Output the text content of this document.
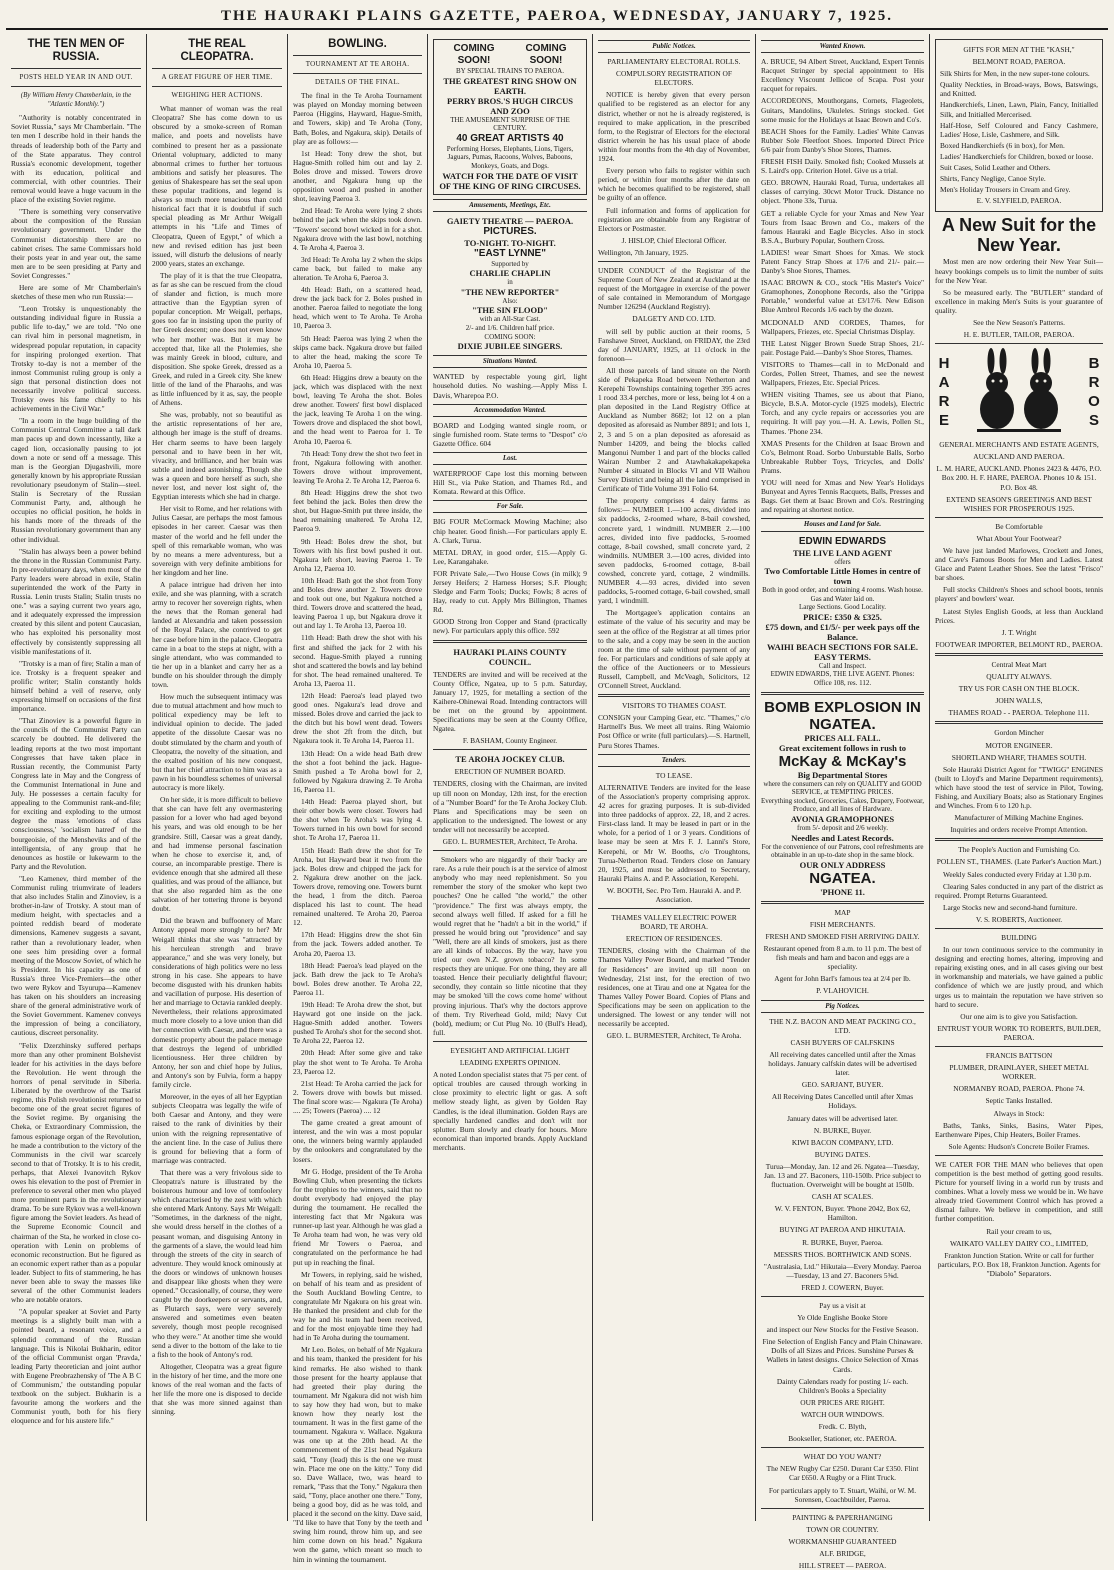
THE HAURAKI PLAINS GAZETTE, PAEROA, WEDNESDAY, JANUARY 7, 1925.
THE TEN MEN OF RUSSIA.
POSTS HELD YEAR IN AND OUT.
(By William Henry Chamberlain, in the "Atlantic Monthly.")

"Authority is notably concentrated in Soviet Russia," says Mr Chamberlain. "The ten men I describe hold in their hands the threads of leadership both of the Party and of the State apparatus. They control Russia's economic development, together with its education, political and commercial, with other countries. Their removal would leave a huge vacuum in the place of the existing Soviet regime.

"There is something very conservative about the composition of the Russian revolutionary government. Under the Communist dictatorship there are no cabinet crises. The same Commissars hold their posts year in and year out, the same men are to be seen presiding at Party and Soviet Congresses."

Here are some of Mr Chamberlain's sketches of these men who run Russia:—

"Leon Trotsky is unquestionably the outstanding individual figure in Russia a public life to-day," we are told. "No one can rival him in personal magnetism, in widespread popular reputation, in capacity for inspiring prolonged exertion. That Trotsky to-day is not a member of the inmost Communist ruling group is only a sign that personal distinction does not necessarily involve political success. Trotsky owes his fame chiefly to his achievements in the Civil War."

"In a room in the huge building of the Communist Central Committee a tall dark man paces up and down incessantly, like a caged lion, occasionally pausing to jot down a note or send off a message. This man is the Georgian Djugashvili, more generally known by his appropriate Russian revolutionary pseudonym of Stalin—steel. Stalin is Secretary of the Russian Communist Party, and, although he occupies no official position, he holds in his hands more of the threads of the Russian revolutionary government than any other individual.

"Stalin has always been a power behind the throne in the Russian Communist Party. In pre-revolutionary days, when most of the Party leaders were abroad in exile, Stalin superintended the work of the Party in Russia. Lenin trusts Stalin; Stalin trusts no one." was a saying current two years ago, and it adequately expressed the impression created by this silent and potent Caucasian, who has exploited his personality most effectively by consistently suppressing all visible manifestations of it.

"Trotsky is a man of fire; Stalin a man of ice. Trotsky is a frequent speaker and prolific writer; Stalin constantly holds himself behind a veil of reserve, only expressing himself on occasions of the first importance.

"That Zinoviev is a powerful figure in the councils of the Communist Party can scarcely be doubted. He delivered the leading reports at the two most important Congresses that have taken place in Russian recently, the Communist Party Congress late in May and the Congress of the Communist International in June and July. He possesses a certain faculty for appealing to the Communist rank-and-file; for exciting and exploding to the utmost degree the mass 'emotions of class consciousness,' 'socialism hatred' of the bourgeoisie, of the Mensheviks and of the intelligentsia, of any group that he denounces as hostile or lukewarm to the Party and the Revolution.

"Leo Kamenev, third member of the Communist ruling triumvirate of leaders that also includes Stalin and Zinoviev, is a brother-in-law of Trotsky. A stout man of medium height, with spectacles and a pointed reddish beard of moderate dimensions, Kamenev suggests a savant, rather than a revolutionary leader, when one sees him presiding over a formal meeting of the Moscow Soviet, of which he is President. In his capacity as one of Russia's three Vice-Premiers—the other two were Rykov and Tsyurupa—Kamenev has taken on his shoulders an increasing share of the general administrative work of the Soviet Government. Kamenev conveys the impression of being a conciliatory, cautious, discreet personality.

"Felix Dzerzhinsky suffered perhaps more than any other prominent Bolshevist leader for his activities in the days before the Revolution. He went through the horrors of penal servitude in Siberia. Liberated by the overthrow of the Tsarist regime, this Polish revolutionist returned to become one of the great secret figures of the Soviet regime. By organising the Cheka, or Extraordinary Commission, the famous espionage organ of the Revolution, he made a contribution to the victory of the Communists in the civil war scarcely second to that of Trotsky. It is to his credit, perhaps, that Alexei Ivanovitch Rykov owes his elevation to the post of Premier in preference to several other men who played more prominent parts in the revolutionary drama. To be sure Rykov was a well-known figure among the Soviet leaders. As head of the Supreme Economic Council and chairman of the Sta, he worked in close co-operation with Lenin on problems of economic reconstruction. But he figured as an economic expert rather than as a popular leader. Subject to fits of stammering, he has never been able to sway the masses like several of the other Communist leaders who are notable orators.

"A popular speaker at Soviet and Party meetings is a slightly built man with a pointed beard, a resonant voice, and a splendid command of the Russian language. This is Nikolai Bukharin, editor of the official Communist organ 'Pravda,' leading Party theoretician and joint author with Eugene Preobrazhensky of 'The A B C of Communism,' the outstanding popular textbook on the subject. Bukharin is a favourite among the workers and the Communist youth, both for his fiery eloquence and for his austere life."

THE REAL CLEOPATRA.
A GREAT FIGURE OF HER TIME.
WEIGHING HER ACTIONS.

What manner of woman was the real Cleopatra? She has come down to us obscured by a smoke-screen of Roman malice, and poets and novelists have combined to present her as a passionate Oriental voluptuary, addicted to many abnormal crimes to further her tortuous ambitions and satisfy her pleasures. The genius of Shakespeare has set the seal upon these popular traditions, and legend is always so much more tenacious than cold historical fact that it is doubtful if such special pleading as Mr Arthur Weigall attempts in his "Life and Times of Cleopatra, Queen of Egypt," of which a new and revised edition has just been issued, will disturb the delusions of nearly 2000 years, states an exchange.

The play of it is that the true Cleopatra, as far as she can be rescued from the cloud of slander and fiction, is much more attractive than the Egyptian syren of popular conception. Mr Weigall, perhaps, goes too far in insisting upon the purity of her Greek descent; one does not even know who her mother was. But it may be accepted that, like all the Ptolemies, she was mainly Greek in blood, culture, and disposition. She spoke Greek, dressed as a Greek, and ruled in a Greek city. She knew little of the land of the Pharaohs, and was as little influenced by it as, say, the people of Athens.

She was, probably, not so beautiful as the artistic representations of her are, although her image is the stuff of dreams. Her charm seems to have been largely personal and to have been in her wit, vivacity, and brilliance, and her brain was subtle and indeed astonishing. Though she was a queen and bore herself as such, she never lost, and never lost sight of, the Egyptian interests which she had in charge.

Her visit to Rome, and her relations with Julius Caesar, are perhaps the most famous episodes in her career. Caesar was then master of the world and he fell under the spell of this remarkable woman, who was by no means a mere adventuress, but a sovereign with very definite ambitions for her kingdom and her line.

A palace intrigue had driven her into exile, and she was planning, with a scratch army to recover her sovereign rights, when the news that the Roman general had landed at Alexandria and taken possession of the Royal Palace, she contrived to get her case before him in the palace. Cleopatra came in a boat to the steps at night, with a single attendant, who was commanded to tie her up in a blanket and carry her as a bundle on his shoulder through the dimply town.

How much the subsequent intimacy was due to mutual attachment and how much to political expediency may be left to individual opinion to decide. The jaded appetite of the dissolute Caesar was no doubt stimulated by the charm and youth of Cleopatra, the novelty of the situation, and the exalted position of his new conquest, but that her chief attraction to him was as a pawn in his boundless schemes of universal autocracy is more likely.

On her side, it is more difficult to believe that she can have felt any overmastering passion for a lover who had aged beyond his years, and was old enough to be her grandsire. Still, Caesar was a great dandy, and had immense personal fascination when he chose to exercise it, and, of course, an incomparable prestige. There is evidence enough that she admired all these qualities, and was proud of the alliance, but that she also regarded him as the one salvation of her tottering throne is beyond doubt.

Did the brawn and buffoonery of Marc Antony appeal more strongly to her? Mr Weigall thinks that she was "attracted by his herculean strength and brave appearance," and she was very lonely, but considerations of high politics were no less strong in his case. She appears to have become disgusted with his drunken habits and vacillation of purpose. His desertion of her and marriage to Octavia rankled deeply. Nevertheless, their relations approximated much more closely to a love union than did her connection with Caesar, and there was a domestic property about the palace menage that destroys the legend of unbridled licentiousness. Her three children by Antony, her son and chief hope by Julius, and Antony's son by Fulvia, form a happy family circle.

Moreover, in the eyes of all her Egyptian subjects Cleopatra was legally the wife of both Caesar and Antony, and they were raised to the rank of divinities by their union with the reigning representative of the ancient line. In the case of Julius there is ground for believing that a form of marriage was contracted.

That there was a very frivolous side to Cleopatra's nature is illustrated by the boisterous humour and love of tomfoolery which characterised by the zest with which she entered Mark Antony. Says Mr Weigall: "Sometimes, in the darkness of the night, she would dress herself in the clothes of a peasant woman, and disguising Antony in the garments of a slave, the would lead him through the streets of the city in search of adventure. They would knock ominously at the doors or windows of unknown houses and disappear like ghosts when they were opened." Occasionally, of course, they were caught by the doorkeepers or servants, and, as Plutarch says, were very severely answered and sometimes even beaten severely, though most people recognised who they were." At another time she would send a diver to the bottom of the lake to tie a fish to the hook of Antony's rod.

Altogether, Cleopatra was a great figure in the history of her time, and the more one knows of the real woman and the facts of her life the more one is disposed to decide that she was more sinned against than sinning.

BOWLING.
TOURNAMENT AT TE AROHA.
DETAILS OF THE FINAL.

The final in the Te Aroha Tournament was played on Monday morning between Paeroa (Higgins, Hayward, Hague-Smith, and Towers, skip) and Te Aroha (Tony, Bath, Boles, and Ngakura, skip). Details of play are as follows:—

1st Head: Tony drew the shot, but Hague-Smith rolled him out and lay 2. Boles drove and missed. Towers drove another, and Ngakura hung up the opposition wood and pushed in another shot, leaving Paeroa 3.

2nd Head: Te Aroha were lying 2 shots behind the jack when the skips took down. "Towers' second bowl wicked in for a shot. Ngakura drove with the last bowl, notching 4. Te Aroha 4, Paeroa 3.

3rd Head: Te Aroha lay 2 when the skips came back, but failed to make any alteration. Te Aroha 6, Paeroa 3.

4th Head: Bath, on a scattered head, drew the jack back for 2. Boles pushed in another. Paeroa failed to negotiate the long head, which went to Te Aroha. Te Aroha 10, Paeroa 3.

5th Head: Paeroa was lying 2 when the skips came back. Ngakura drove but failed to alter the head, making the score Te Aroha 10, Paeroa 5.

6th Head: Higgins drew a beauty on the jack, which was displaced with the next bowl, leaving Te Aroha the shot. Boles drew another. Towers' first bowl displaced the jack, leaving Te Aroha 1 on the wing. Towers drove and displaced the shot bowl, and the head went to Paeroa for 1. Te Aroha 10, Paeroa 6.

7th Head: Tony drew the shot two feet in front, Ngakura following with another. Towers drove without improvement, leaving Te Aroha 2. Te Aroha 12, Paeroa 6.

8th Head: Higgins drew the shot two feet behind the jack. Boles then drew the shot, but Hague-Smith put three inside, the head remaining unaltered. Te Aroha 12, Paeroa 9.

9th Head: Boles drew the shot, but Towers with his first bowl pushed it out. Ngakura left short, leaving Paeroa 1. Te Aroha 12, Paeroa 10.

10th Head: Bath got the shot from Tony and Boles drew another 2. Towers drove and took out one, but Ngakura notched a third. Towers drove and scattered the head, leaving Paeroa 1 up, but Ngakura drove it out and lay 1. Te Aroha 13, Paeroa 10.

11th Head: Bath drew the shot with his first and shifted the jack for 2 with his second. Hague-Smith played a running shot and scattered the bowls and lay behind for shot. The head remained unaltered. Te Aroha 13, Paeroa 11.

12th Head: Paeroa's lead played two good ones. Ngakura's lead drove and missed. Boles drove and carried the jack to the ditch but his bowl went dead. Towers drew the shot 2ft from the ditch, but Ngakura took it. Te Aroha 14, Paeroa 11.

13th Head: On a wide head Bath drew the shot a foot behind the jack. Hague-Smith pushed a Te Aroha bowl for 2, followed by Ngakura drawing 2. Te Aroha 16, Paeroa 11.

14th Head: Paeroa played short, but their other bowls were closer. Towers had the shot when Te Aroha's was lying 4. Towers turned in his own bowl for second shot. Te Aroha 17, Paeroa 11.

15th Head: Bath drew the shot for Te Aroha, but Hayward beat it two from the jack. Boles drew and chipped the jack for 2. Ngakura drew another on the jack. Towers drove, removing one. Towers burnt the head, 1 from the ditch. Paeroa displaced his last to count. The head remained unaltered. Te Aroha 20, Paeroa 12.

17th Head: Higgins drew the shot 6in from the jack. Towers added another. Te Aroha 20, Paeroa 13.

18th Head: Paeroa's lead played on the jack. Bath drew the jack to Te Aroha's bowl. Boles drew another. Te Aroha 22, Paeroa 11.

19th Head: Te Aroha drew the shot, but Hayward got one inside on the jack. Hague-Smith added another. Towers pushed Te Aroha's shot for the second shot. Te Aroha 22, Paeroa 12.

20th Head: After some give and take play the shot went to Te Aroha. Te Aroha 23, Paeroa 12.

21st Head: Te Aroha carried the jack for 2. Towers drove with bowls but missed. The final score was:— Ngakura (Te Aroha) .... 25; Towers (Paeroa) .... 12

The game created a great amount of interest, and the win was a most popular one, the winners being warmly applauded by the onlookers and congratulated by the losers.

Mr G. Hodge, president of the Te Aroha Bowling Club, when presenting the tickets for the trophies to the winners, said that no doubt everybody had enjoyed the play during the tournament. He recalled the interesting fact that Mr Ngakura was runner-up last year. Although he was glad a Te Aroha team had won, he was very old friend Mr Towers o Paeroa, and congratulated on the performance he had put up in reaching the final.

Mr Towers, in replying, said he wished, on behalf of his team and as president of the South Auckland Bowling Centre, to congratulate Mr Ngakura on his great win. He thanked the president and club for the way he and his team had been received, and for the most enjoyable time they had had in Te Aroha during the tournament.

Mr Leo. Boles, on behalf of Mr Ngakura and his team, thanked the president for his kind remarks. He also wished to thank those present for the hearty applause that had greeted their play during the tournament. Mr Ngakura did not wish him to say how they had won, but to make known how they nearly lost the tournament. It was in the first game of the tournament. Ngakura v. Wallace. Ngakura was one up at the 20th head. At the commencement of the 21st head Ngakura said, "Tony (lead) this is the one we must win. Place me one on the kitty." Tony did so. Dave Wallace, two, was heard to remark, "Pass that the Tony." Ngakura then said, "Tony, place another one there." Tony, being a good boy, did as he was told, and placed it the second on the kitty. Dave said, "I'd like to have that Tony by the teeth and swing him round, throw him up, and see him come down on his head." Ngakura won the game, which meant so much to him in winning the tournament.

COMING SOON!
COMING SOON!
BY SPECIAL TRAINS TO PAEROA.
THE GREATEST RING SHOW ON EARTH.
PERRY BROS.'S HUGH CIRCUS AND ZOO
THE AMUSEMENT SURPRISE OF THE CENTURY.
40 GREAT ARTISTS 40
Performing Horses, Elephants, Lions, Tigers, Jaguars, Pumas, Racoons, Wolves, Baboons, Monkeys, Goats, and Dogs.
WATCH FOR THE DATE OF VISIT OF THE KING OF RING CIRCUSES.
Amusements, Meetings, Etc.
GAIETY THEATRE — PAEROA.
PICTURES.
TO-NIGHT. TO-NIGHT.
"EAST LYNNE"
Supported by
CHARLIE CHAPLIN
in
"THE NEW REPORTER"
Also:
"THE SIN FLOOD"
with an All-Star Cast.
2/- and 1/6. Children half price.
COMING SOON:
DIXIE JUBILEE SINGERS.
Situations Wanted.

WANTED by respectable young girl, light household duties. No washing.—Apply Miss I. Davis, Wharepoa P.O.

Accommodation Wanted.

BOARD and Lodging wanted single room, or single furnished room. State terms to "Despot" c/o Gazette Office. 604

Lost.

WATERPROOF Cape lost this morning between Hill St., via Puke Station, and Thames Rd., and Komata. Reward at this Office.

For Sale.

BIG FOUR McCormack Mowing Machine; also chip heater. Good finish.—For particulars apply E. A. Clark, Turua.

METAL DRAY, in good order, £15.—Apply G. Lee, Karangahake.

FOR Private Sale,—Two House Cows (in milk); 9 Jersey Heifers; 2 Harness Horses; S.F. Plough; Sledge and Farm Tools; Ducks; Fowls; 8 acres of Hay, ready to cut. Apply Mrs Billington, Thames Rd.

GOOD Strong Iron Copper and Stand (practically new). For particulars apply this office. 592

HAURAKI PLAINS COUNTY COUNCIL.

TENDERS are invited and will be received at the County Office, Ngatea, up to 5 p.m. Saturday, January 17, 1925, for metalling a section of the Kaihere-Ohinewai Road. Intending contractors will be met on the ground by appointment. Specifications may be seen at the County Office, Ngatea.

F. BASHAM, County Engineer.
TE AROHA JOCKEY CLUB.
ERECTION OF NUMBER BOARD.

TENDERS, closing with the Chairman, are invited up till noon on Monday, 12th inst, for the erection of a "Number Board" for the Te Aroha Jockey Club. Plans and Specifications may be seen on application to the undersigned. The lowest or any tender will not necessarily be accepted.

GEO. L. BURMESTER, Architect, Te Aroha.

Smokers who are niggardly of their 'backy are rare. As a rule their pouch is at the service of almost anybody who may need replenishment. So you remember the story of the smoker who kept two pouches? One he called "the world," the other "providence." The first was always empty, the second always well filled. If asked for a fill he would regret that he "hadn't a bit in the world," if pressed he would bring out "providence" and say "Well, there are all kinds of smokers, just as there are all kinds of tobaccos. By the way, have you tried our own N.Z. grown tobacco? In some respects they are unique. For one thing, they are all toasted. Hence their peculiarly delightful flavour; secondly, they contain so little nicotine that they may be smoked 'till the cows come home' without proving injurious. That's why the doctors approve of them. Try Riverhead Gold, mild; Navy Cut (bold), medium; or Cut Plug No. 10 (Bull's Head), full.

EYESIGHT AND ARTIFICIAL LIGHT
LEADING EXPERTS OPINION.

A noted London specialist states that 75 per cent. of optical troubles are caused through working in close proximity to electric light or gas. A soft mellow steady light, as given by Golden Ray Candles, is the ideal illumination. Golden Rays are specially hardened candles and don't wilt nor splutter. Burn slowly and clearly for hours. More economical than imported brands. Apply Auckland merchants.

Public Notices.
PARLIAMENTARY ELECTORAL ROLLS.
COMPULSORY REGISTRATION OF ELECTORS.

NOTICE is hereby given that every person qualified to be registered as an elector for any district, whether or not he is already registered, is required to make application, in the prescribed form, to the Registrar of Electors for the electoral district wherein he has his usual place of abode within four months from the 4th day of November, 1924.

Every person who fails to register within such period, or within four months after the date on which he becomes qualified to be registered, shall be guilty of an offence.

Full information and forms of application for registration are obtainable from any Registrar of Electors or Postmaster.

J. HISLOP, Chief Electoral Officer.
Wellington, 7th January, 1925.

UNDER CONDUCT of the Registrar of the Supreme Court of New Zealand at Auckland at the request of the Mortgagee in exercise of the power of sale contained in Memorandum of Mortgage Number 126294 (Auckland Registry).

DALGETY AND CO. LTD.

will sell by public auction at their rooms, 5 Fanshawe Street, Auckland, on FRIDAY, the 23rd day of JANUARY, 1925, at 11 o'clock in the forenoon—

All those parcels of land situate on the North side of Pekapeka Road between Netherton and Kerepehi Townships containing together 395 acres 1 rood 33.4 perches, more or less, being lot 4 on a plan deposited in the Land Registry Office at Auckland as Number 8682; lot 12 on a plan deposited as aforesaid as Number 8891; and lots 1, 2, 3 and 5 on a plan deposited as aforesaid as Number 14209, and being the blocks called Mangonui Number 1 and part of the blocks called Wairan Number 2 and Atawhakakapekapeka Number 4 situated in Blocks VI and VII Waihou Survey District and being all the land comprised in Certificate of Title Volume 391 Folio 64.

The property comprises 4 dairy farms as follows:— NUMBER 1.—100 acres, divided into six paddocks, 2-roomed whare, 8-bail cowshed, concrete yard, 1 windmill. NUMBER 2.—100 acres, divided into five paddocks, 5-roomed cottage, 8-bail cowshed, small concrete yard, 2 windmills. NUMBER 3.—100 acres, divided into seven paddocks, 6-roomed cottage, 8-bail cowshed, concrete yard, cottage, 2 windmills. NUMBER 4.—93 acres, divided into seven paddocks, 5-roomed cottage, 6-bail cowshed, small yard, 1 windmill.

The Mortgagee's application contains an estimate of the value of his security and may be seen at the office of the Registrar at all times prior to the sale, and a copy may be seen in the auction room at the time of sale without payment of any fee. For particulars and conditions of sale apply at the office of the Auctioneers or to Messieurs Russell, Campbell, and McVeagh, Solicitors, 12 O'Connell Street, Auckland.

VISITORS TO THAMES COAST.

CONSIGN your Camping Gear, etc. "Thames," c/o Hartnell's Bus. We meet all trains. Ring Waiomio Post Office or write (full particulars).—S. Hartnell, Puru Stores Thames.

Tenders.
TO LEASE.

ALTERNATIVE Tenders are invited for the lease of the Association's property comprising approx. 42 acres for grazing purposes. It is sub-divided into three paddocks of approx. 22, 18, and 2 acres. First-class land. It may be leased in part or in the whole, for a period of 1 or 3 years. Conditions of lease may be seen at Mrs F. J. Lanni's Store, Kerepehi, or Mr W. Booths, c/o Troughtons, Turua-Netherton Road. Tenders close on January 20, 1925, and must be addressed to Secretary, Hauraki Plains A. and P. Association, Kerepehi.

W. BOOTH, Sec. Pro Tem. Hauraki A. and P. Association.
THAMES VALLEY ELECTRIC POWER BOARD, TE AROHA.
ERECTION OF RESIDENCES.

TENDERS, closing with the Chairman of the Thames Valley Power Board, and marked "Tender for Residences" are invited up till noon on Wednesday, 21st inst, for the erection of two residences, one at Tirau and one at Ngatea for the Thames Valley Power Board. Copies of Plans and Specifications may be seen on application to the undersigned. The lowest or any tender will not necessarily be accepted.

GEO. L. BURMESTER, Architect, Te Aroha.
Wanted Known.

A. BRUCE, 94 Albert Street, Auckland, Expert Tennis Racquet Stringer by special appointment to His Excellency Viscount Jellicoe of Scapa. Post your racquet for repairs.

ACCORDEONS, Mouthorgans, Cornets, Flageolets, Guitars, Mandolins, Ukuleles. Strings stocked. Get some music for the Holidays at Isaac Brown and Co's.

BEACH Shoes for the Family. Ladies' White Canvas Rubber Sole Fleetfoot Shoes. Imported Direct Price 6/6 pair from Danby's Shoe Stores, Thames.

FRESH FISH Daily. Smoked fish; Cooked Mussels at S. Laird's opp. Criterion Hotel. Give us a trial.

GEO. BROWN, Hauraki Road, Turua, undertakes all classes of carrying. 30cwt Motor Truck. Distance no object. 'Phone 33s, Turua.

GET a reliable Cycle for your Xmas and New Year Tours from Isaac Brown and Co., makers of the famous Hauraki and Eagle Bicycles. Also in stock B.S.A., Burbury Popular, Southern Cross.

LADIES! wear Smart Shoes for Xmas. We stock Patent Fancy Strap Shoes at 17/6 and 21/- pair.—Danby's Shoe Stores, Thames.

ISAAC BROWN & CO., stock "His Master's Voice" Gramophones, Zonophone Records, also the "Grippa Portable," wonderful value at £3/17/6. New Edison Blue Ambrol Records 1/6 each by the dozen.

MCDONALD AND CORDES, Thames, for Wallpapers, Friezes, etc. Special Christmas Display.

THE Latest Nigger Brown Suede Strap Shoes, 21/- pair. Postage Paid.—Danby's Shoe Stores, Thames.

VISITORS to Thames—call in to McDonald and Cordes, Pollen Street, Thames, and see the newest Wallpapers, Friezes, Etc. Special Prices.

WHEN visiting Thames, see us about that Piano, Bicycle, B.S.A. Motor-cycle (1925 models), Electric Torch, and any cycle repairs or accessories you are requiring. It will pay you.—H. A. Lewis, Pollen St., Thames. 'Phone 234.

XMAS Presents for the Children at Isaac Brown and Co's, Belmont Road. Sorbo Unburstable Balls, Sorbo Unbreakable Rubber Toys, Tricycles, and Dolls' Prams.

YOU will need for Xmas and New Year's Holidays Bunyeat and Ayres Tennis Racquets, Balls, Presses and Bags. Get them at Isaac Brown and Co's. Restringing and repairing at shortest notice.

Houses and Land for Sale.
EDWIN EDWARDS
THE LIVE LAND AGENT
offers
Two Comfortable Little Homes in centre of town
Both in good order, and containing 4 rooms. Wash house. Gas and Water laid on.
Large Sections. Good Locality.
PRICE: £350 & £325.
£75 down, and £1/5/- per week pays off the Balance.
WAIHI BEACH SECTIONS FOR SALE.
EASY TERMS.
Call and Inspect.
EDWIN EDWARDS, THE LIVE AGENT. Phones: Office 108, res. 112.
BOMB EXPLOSION IN NGATEA.
PRICES ALL FALL.
Great excitement follows in rush to
McKay & McKay's
Big Departmental Stores
where the consumers can rely on QUALITY and GOOD SERVICE, at TEMPTING PRICES.
Everything stocked, Groceries, Cakes, Drapery, Footwear, Produce, and all lines of Hardware.
AVONIA GRAMOPHONES
from 5/- deposit and 2/6 weekly.
Needles and Latest Records.
For the convenience of our Patrons, cool refreshments are obtainable in an up-to-date shop in the same block.
OUR ONLY ADDRESS
NGATEA.
'PHONE 11.
MAP
FISH MERCHANTS.
FRESH AND SMOKED FISH ARRIVING DAILY.
Restaurant opened from 8 a.m. to 11 p.m. The best of fish meals and ham and bacon and eggs are a speciality.
Agent for John Barl's famous tea at 2/4 per lb.
P. VLAHOVICH.
Pig Notices.
THE N.Z. BACON AND MEAT PACKING CO., LTD.
CASH BUYERS OF CALFSKINS
All receiving dates cancelled until after the Xmas holidays. January calfskin dates will be advertised later.
GEO. SARJANT, BUYER.
All Receiving Dates Cancelled until after Xmas Holidays.
January dates will be advertised later.
N. BURKE, Buyer.
KIWI BACON COMPANY, LTD.
BUYING DATES.
Turua—Monday, Jan. 12 and 26. Ngatea—Tuesday, Jan. 13 and 27. Baconers, 110-150lb. Price subject to fluctuation. Overweight will be bought at 150lb.
CASH AT SCALES.
W. V. FENTON, Buyer. 'Phone 2042, Box 62, Hamilton.
BUYING AT PAEROA AND HIKUTAIA.
R. BURKE, Buyer, Paeroa.
MESSRS THOS. BORTHWICK AND SONS.
"Australasia, Ltd." Hikutaia—Every Monday. Paeroa—Tuesday, 13 and 27. Baconers 5⅜d.
FRED J. COWERN, Buyer.
Pay us a visit at
Ye Olde Englishe Booke Store
and inspect our New Stocks for the Festive Season.
Fine Selection of English Fancy and Plain Chinaware. Dolls of all Sizes and Prices. Sunshine Purses & Wallets in latest designs. Choice Selection of Xmas Cards.
Dainty Calendars ready for posting 1/- each. Children's Books a Speciality
OUR PRICES ARE RIGHT.
WATCH OUR WINDOWS.
Fredk. C. Blyth,
Bookseller, Stationer, etc. PAEROA.
WHAT DO YOU WANT?
The NEW Rugby Car £250. Durant Car £350. Flint Car £650. A Rugby or a Flint Truck.
For particulars apply to T. Stuart, Waihi, or W. M. Sorensen, Coachbuilder, Paeroa.
PAINTING & PAPERHANGING
TOWN OR COUNTRY.
WORKMANSHIP GUARANTEED
ALF. BRIDGE,
HILL STREET — PAEROA.
GIFTS FOR MEN AT THE "KASH,"
BELMONT ROAD, PAEROA.

Silk Shirts for Men, in the new super-tone colours.

Quality Neckties, in Broad-ways, Bows, Batswings, and Knitted.

Handkerchiefs, Linen, Lawn, Plain, Fancy, Initialled Silk, and Initialled Mercerised.

Half-Hose, Self Coloured and Fancy Cashmere, Ladies' Hose, Lisle, Cashmere, and Silk.

Boxed Handkerchiefs (6 in box), for Men.

Ladies' Handkerchiefs for Children, boxed or loose.

Suit Cases, Solid Leather and Others.

Shirts, Fancy Neglige, Canoe Style.

Men's Holiday Trousers in Cream and Grey.

E. V. SLYFIELD, PAEROA.
A New Suit for the New Year.

Most men are now ordering their New Year Suit—heavy bookings compels us to limit the number of suits for the New Year.

So be measured early. The "BUTLER" standard of excellence in making Men's Suits is your guarantee of quality.

See the New Season's Patterns.
H. E. BUTLER, TAILOR, PAEROA.
H
A
R
E
B
R
O
S
GENERAL MERCHANTS AND ESTATE AGENTS,
AUCKLAND AND PAEROA.
L. M. HARE, AUCKLAND. Phones 2423 & 4476, P.O. Box 200. H. F. HARE, PAEROA. Phones 10 & 151. P.O. Box 48.
EXTEND SEASON'S GREETINGS AND BEST WISHES FOR PROSPEROUS 1925.
Be Comfortable
What About Your Footwear?

We have just landed Marlowes, Crockett and Jones, and Cave's Famous Boots for Men and Ladies. Latest Glace and Patent Leather Shoes. See the latest "Frisco" bar shoes.

Full stocks Children's Shoes and school boots, tennis players' and bowlers' wear.

Latest Styles English Goods, at less than Auckland Prices.

J. T. Wright
FOOTWEAR IMPORTER, BELMONT RD., PAEROA.
Central Meat Mart
QUALITY ALWAYS.
TRY US FOR CASH ON THE BLOCK.
JOHN WALLS,
THAMES ROAD - - PAEROA. Telephone 111.
Gordon Mincher
MOTOR ENGINEER.
SHORTLAND WHARF, THAMES SOUTH.

Sole Hauraki District Agent for "TWIGG" ENGINES (built to Lloyd's and Marine Department requirements), which have stood the test of service in Pilot, Towing, Fishing, and Auxiliary Boats; also as Stationary Engines and Winches. From 6 to 120 h.p.

Manufacturer of Milking Machine Engines.
Inquiries and orders receive Prompt Attention.
The People's Auction and Furnishing Co.
POLLEN ST., THAMES. (Late Parker's Auction Mart.)

Weekly Sales conducted every Friday at 1.30 p.m.

Clearing Sales conducted in any part of the district as required. Prompt Returns Guaranteed.

Large Stocks new and second-hand furniture.

V. S. ROBERTS, Auctioneer.
BUILDING

In our town continuous service to the community in designing and erecting homes, altering, improving and repairing existing ones, and in all cases giving our best in workmanship and materials, we have gained a public confidence of which we are justly proud, and which urges us to maintain the reputation we have striven so hard to secure.

Our one aim is to give you Satisfaction.
ENTRUST YOUR WORK TO ROBERTS, BUILDER, PAEROA.
FRANCIS BATTSON
PLUMBER, DRAINLAYER, SHEET METAL WORKER.
NORMANBY ROAD, PAEROA. Phone 74.
Septic Tanks Installed.
Always in Stock:

Baths, Tanks, Sinks, Basins, Water Pipes, Earthenware Pipes, Chip Heaters, Boiler Frames.

Sole Agents: Hudson's Concrete Boiler Frames.

WE CATER FOR THE MAN who believes that open competition is the best method of getting good results. Picture for yourself living in a world run by trusts and combines. What a lovely mess we would be in. We have already tried Government Control which has proved a dismal failure. We believe in competition, and still further competition.

Rail your cream to us,
WAIKATO VALLEY DAIRY CO., LIMITED,
Frankton Junction Station. Write or call for further particulars, P.O. Box 18, Frankton Junction. Agents for "Diabolo" Separators.
